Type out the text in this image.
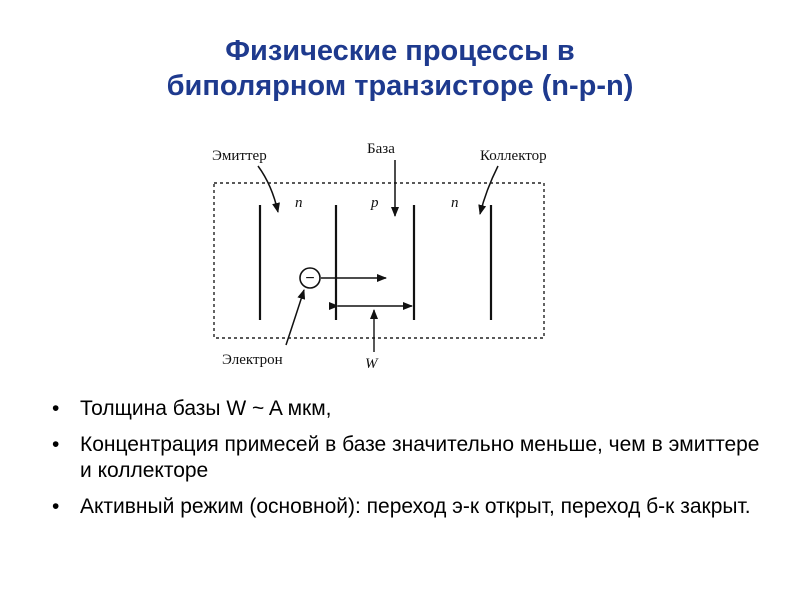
Физические процессы в
биполярном транзисторе (n-p-n)
Эмиттер	База	Коллектор
n	p	n
−
W
Электрон
• Толщина базы W ~ A мкм,
• Концентрация примесей в базе значительно меньше, чем в эмиттере и коллекторе
• Активный режим (основной): переход э-к открыт, переход б-к закрыт.
